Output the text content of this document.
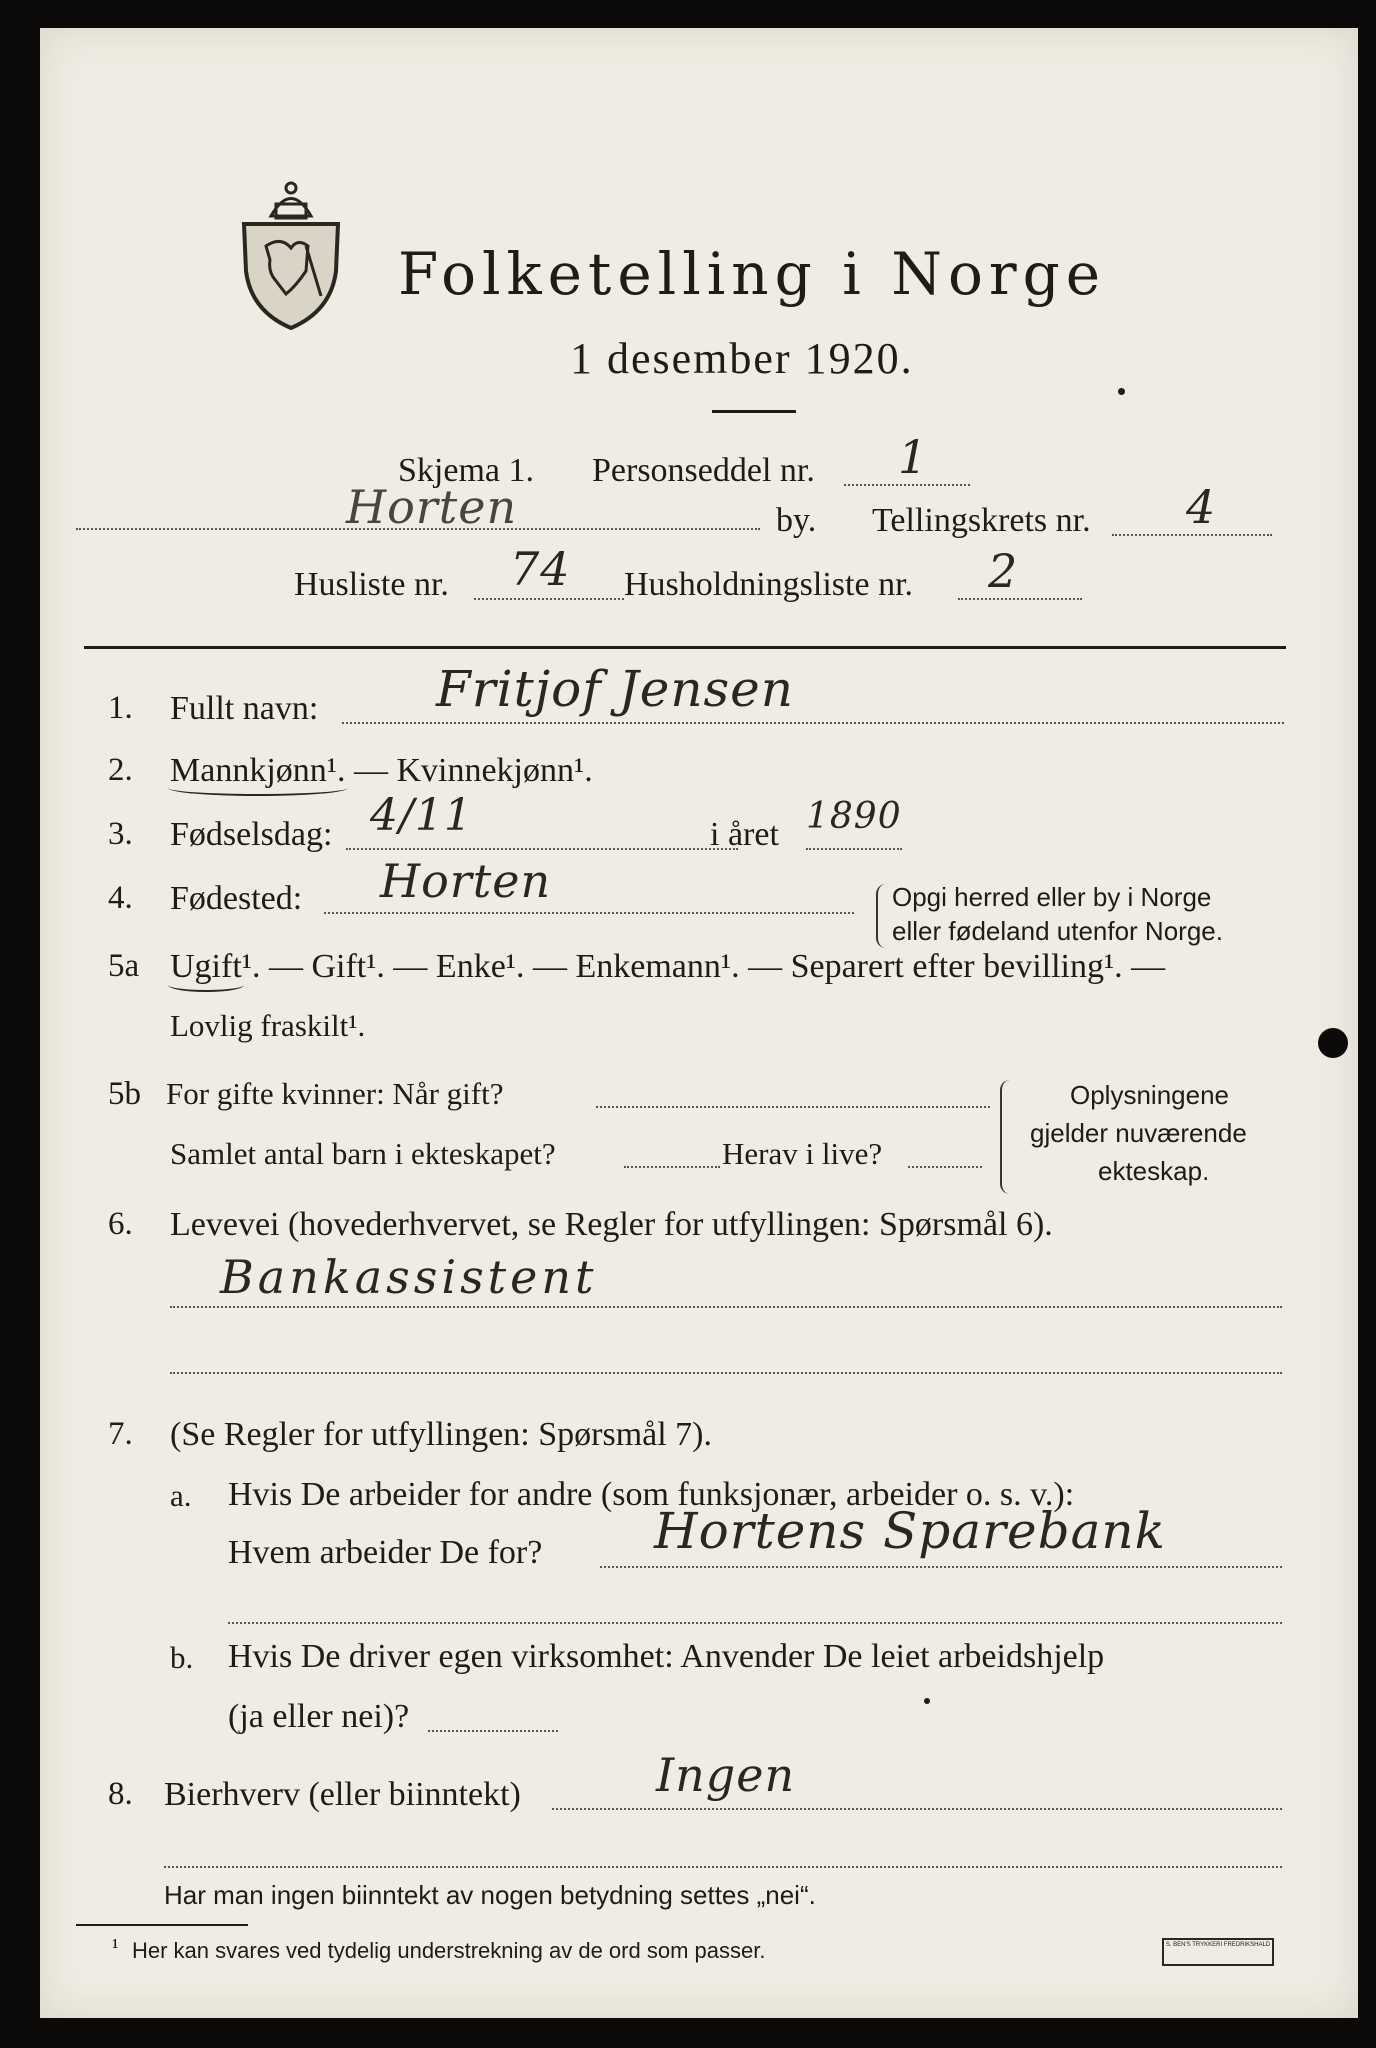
Folketelling i Norge
1 desember 1920.
Skjema 1. Personseddel nr. 1
Horten	by. Tellingskrets nr. 4
Husliste nr. 74 Husholdningsliste nr. 2
1. Fullt navn: Fritjof Jensen
2. Mannkjønn¹. — Kvinnekjønn¹.
3. Fødselsdag: 4/11	i året 1890
4. Fødested: Horten	Opgi herred eller by i Norge
eller fødeland utenfor Norge.
5a Ugift¹. — Gift¹. — Enke¹. — Enkemann¹. — Separert efter bevilling¹. —
Lovlig fraskilt¹.
5b For gifte kvinner: Når gift?
Samlet antal barn i ekteskapet?	Herav i live?
Oplysningene
gjelder nuværende
ekteskap.
6. Levevei (hovederhvervet, se Regler for utfyllingen: Spørsmål 6).
Bankassistent
7. (Se Regler for utfyllingen: Spørsmål 7).
a. Hvis De arbeider for andre (som funksjonær, arbeider o. s. v.):
Hvem arbeider De for? Hortens Sparebank
b. Hvis De driver egen virksomhet: Anvender De leiet arbeidshjelp
(ja eller nei)?
8. Bierhverv (eller biinntekt)	Ingen
Har man ingen biinntekt av nogen betydning settes „nei“.
¹ Her kan svares ved tydelig understrekning av de ord som passer.	S. BEN'S TRYKKERI FREDRIKSHALD
